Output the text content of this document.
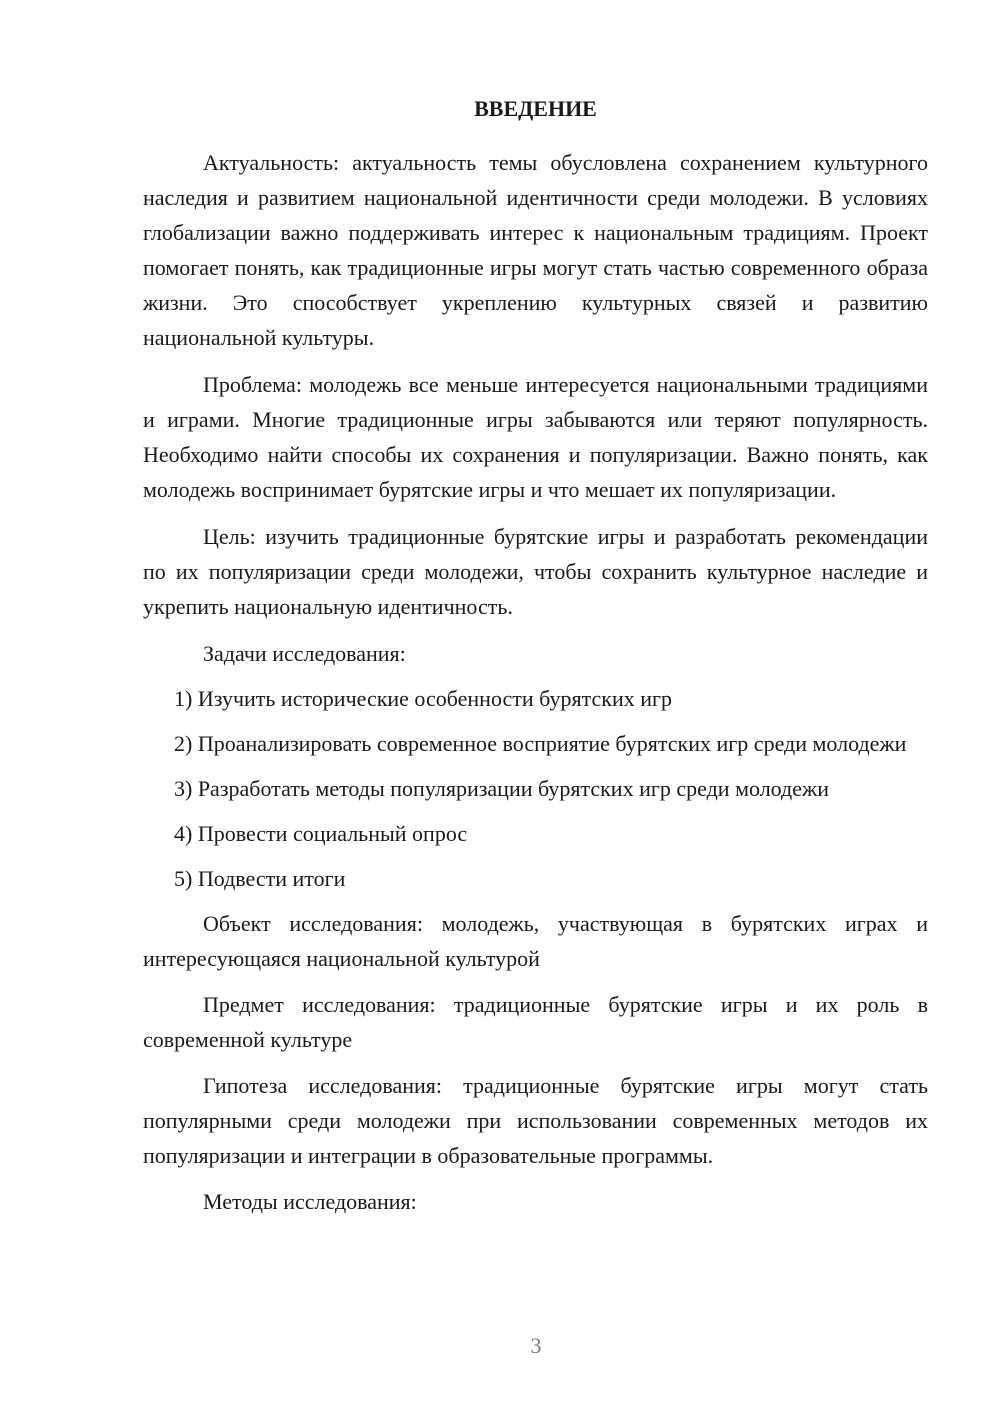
ВВЕДЕНИЕ

Актуальность: актуальность темы обусловлена сохранением культурного наследия и развитием национальной идентичности среди молодежи. В условиях глобализации важно поддерживать интерес к национальным традициям. Проект помогает понять, как традиционные игры могут стать частью современного образа жизни. Это способствует укреплению культурных связей и развитию национальной культуры.

Проблема: молодежь все меньше интересуется национальными традициями и играми. Многие традиционные игры забываются или теряют популярность. Необходимо найти способы их сохранения и популяризации. Важно понять, как молодежь воспринимает бурятские игры и что мешает их популяризации.

Цель: изучить традиционные бурятские игры и разработать рекомендации по их популяризации среди молодежи, чтобы сохранить культурное наследие и укрепить национальную идентичность.

Задачи исследования:

1) Изучить исторические особенности бурятских игр

2) Проанализировать современное восприятие бурятских игр среди молодежи

3) Разработать методы популяризации бурятских игр среди молодежи

4) Провести социальный опрос

5) Подвести итоги

Объект исследования: молодежь, участвующая в бурятских играх и интересующаяся национальной культурой

Предмет исследования: традиционные бурятские игры и их роль в современной культуре

Гипотеза исследования: традиционные бурятские игры могут стать популярными среди молодежи при использовании современных методов их популяризации и интеграции в образовательные программы.

Методы исследования:

3
